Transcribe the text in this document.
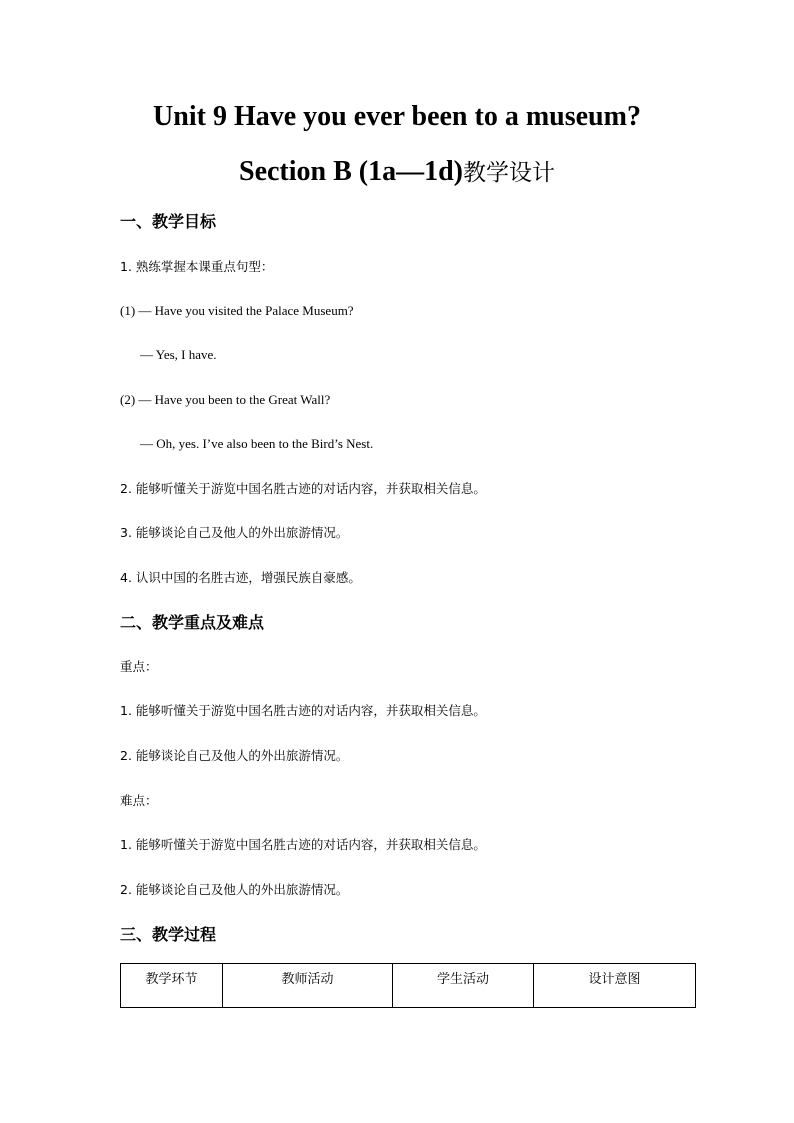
Unit 9 Have you ever been to a museum?
Section B (1a—1d)教学设计
一、教学目标
1. 熟练掌握本课重点句型：
(1) — Have you visited the Palace Museum?
— Yes, I have.
(2) — Have you been to the Great Wall?
— Oh, yes. I’ve also been to the Bird’s Nest.
2. 能够听懂关于游览中国名胜古迹的对话内容，并获取相关信息。
3. 能够谈论自己及他人的外出旅游情况。
4. 认识中国的名胜古迹，增强民族自豪感。
二、教学重点及难点
重点：
1. 能够听懂关于游览中国名胜古迹的对话内容，并获取相关信息。
2. 能够谈论自己及他人的外出旅游情况。
难点：
1. 能够听懂关于游览中国名胜古迹的对话内容，并获取相关信息。
2. 能够谈论自己及他人的外出旅游情况。
三、教学过程
教学环节	教师活动	学生活动	设计意图
